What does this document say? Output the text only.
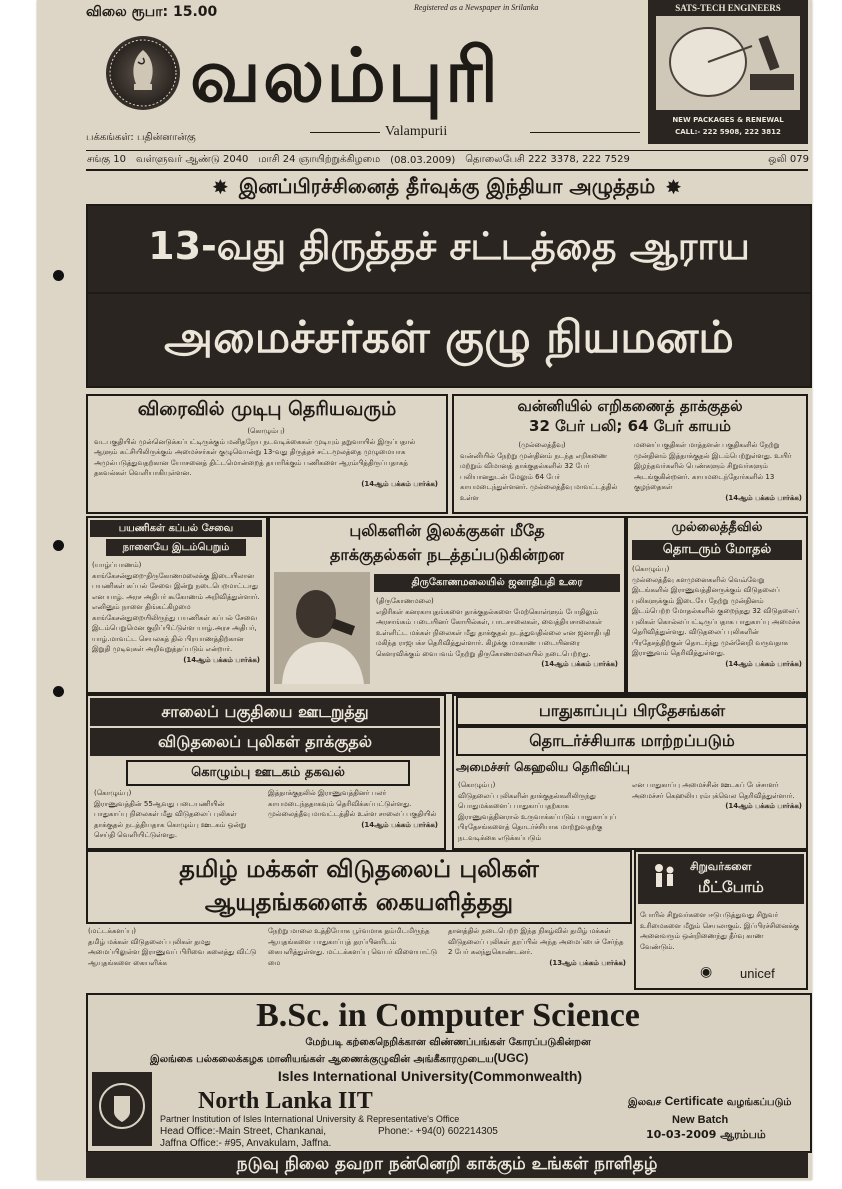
விலை ரூபா: 15.00	Registered as a Newspaper in Srilanka
வலம்புரி
Valampurii
பக்கங்கள்: பதின்னான்கு
SATS-TECH ENGINEERS
NEW PACKAGES & RENEWAL
CALL:- 222 5908, 222 3812
சங்கு 10 வள்ளுவர் ஆண்டு 2040 மாசி 24 ஞாயிற்றுக்கிழமை (08.03.2009) தொலைபேசி 222 3378, 222 7529	ஒலி 079
✸ இனப்பிரச்சினைத் தீர்வுக்கு இந்தியா அழுத்தம் ✸
13-வது திருத்தச் சட்டத்தை ஆராய
அமைச்சர்கள் குழு நியமனம்
விரைவில் முடிபு தெரியவரும்

(கொழும்பு)

வடபகுதியில் முன்னெடுக்கப்பட்டிருக்கும் மனிதநேய நடவடிக்கைகள் முடியும் தறுவாயில் இருப்பதால் ஆளும் கட்சியிலிருக்கும் அமைச்சர்கள் குழுவொன்று 13-வது திருத்தச் சட்டமூலத்தை முழுமையாக அமுல்படுத்துவதற்கான யோசனைத் திட்டமொன்றைத் தயாரிக்கும் பணிகளை ஆரம்பித்திருப்பதாகத் தகவல்கள் வெளியாகியுள்ளன.

(14ஆம் பக்கம் பார்க்க)

வன்னியில் எறிகணைத் தாக்குதல்
32 பேர் பலி; 64 பேர் காயம்

(முல்லைத்தீவு)

வன்னியில் நேற்று முன்தினம் நடந்த எறிகணை மற்றும் விமானத் தாக்குதல்களில் 32 பேர் பலியானதுடன் மேலும் 64 பேர் காயமடைந்துள்ளனர். முல்லைத்தீவு மாவட்டத்தில் உள்ள

மனைப்பகுதிகள் மாத்தளன் பகுதிகளில் நேற்று முன்தினம் இத்தாக்குதல் இடம்பெற்றுள்ளது. உயிர் இழந்தவர்களில் பெண்களும் சிறுவர்களும் அடங்குகின்றனர். காயமடைந்தோர்களில் 13 குழந்தைகள்

(14ஆம் பக்கம் பார்க்க)

பயணிகள் கப்பல் சேவை
நாளையே இடம்பெறும்

(யாழ்ப்பாணம்)

காங்கேசன்துறை-திருகோணமலைக்கு இடையிலான பயணிகள் கப்பல் சேவை இன்று நடைபெறமாட்டாது என யாழ். அரச அதிபர் கூகோணம் அறிவித்துள்ளார். எனினும் நாளை திங்கட்கிழமை காங்கேசன்துறையிலிருந்து பயணிகள் கப்பல் சேவை இடம்பெறுமென குறிப்பிட்டுள்ள யாழ்.அரச அதிபர், யாழ்.மாவட்ட செயலகத் தில் பிரயாணத்திற்கான இறுதி முடிவுகள் அறிவுறுத்தப்படும் என்றார்.

(14ஆம் பக்கம் பார்க்க)

புலிகளின் இலக்குகள் மீதே
தாக்குதல்கள் நடத்தப்படுகின்றன
திருகோணமலையில் ஜனாதிபதி உரை

(திருகோணமலை)

எதிரிகள் கனரகாயுதங்களை தாக்குதல்களை மேற்கொள்ளும் போதிலும் அரசாங்கம் படையினர் கோயில்கள், பாடசாலைகள், வைத்தியசாலைகள் உள்ளிட்ட மக்கள் நிலைகள் மீது தாக்குதல் நடத்துவதில்லை என ஜனாதிபதி மகிந்த ராஜபக்ச தெரிவித்துள்ளார். கிழக்கு மாகாண படையினரை கௌரவிக்கும் வைபவம் நேற்று திருகோணமலையில் நடைபெற்றது.

(14ஆம் பக்கம் பார்க்க)

முல்லைத்தீவில்
தொடரும் மோதல்

(கொழும்பு)

முல்லைத்தீவு களமுனைகளில் வெவ்வேறு இடங்களில் இராணுவத்தினருக்கும் விடுதலைப் புலிகளுக்கும் இடையே நேற்று முன்தினம் இடம்பெற்ற மோதல்களில் குறைந்தது 32 விடுதலைப் புலிகள் கொல்லப்பட்டிருப்பதாக பாதுகாப்பு அமைச்சு தெரிவித்துள்ளது. விடுதலைப் புலிகளின் பிரதேசத்திற்குள் தொடர்ந்து முன்னேறி வருவதாக இராணுவம் தெரிவித்துள்ளது.

(14ஆம் பக்கம் பார்க்க)

சாலைப் பகுதியை ஊடறுத்து
விடுதலைப் புலிகள் தாக்குதல்
கொழும்பு ஊடகம் தகவல்

(கொழும்பு)

இராணுவத்தின் 55ஆவது படையணியின் பாதுகாப்பு நிலைகள் மீது விடுதலைப் புலிகள் தாக்குதல் நடத்தியதாக கொழும்பு ஊடகம் ஒன்று செய்தி வெளியிட்டுள்ளது.

இத்தாக்குதலில் இராணுவத்தினர் பலர் காயமடைந்ததாகவும் தெரிவிக்கப்பட்டுள்ளது. முல்லைத்தீவு மாவட்டத்தில் உள்ள சாலைப் பகுதியில்

(14ஆம் பக்கம் பார்க்க)

பாதுகாப்புப் பிரதேசங்கள்
தொடர்ச்சியாக மாற்றப்படும்
அமைச்சர் கெஹலிய தெரிவிப்பு

(கொழும்பு)

விடுதலைப் புலிகளின் தாக்குதல்களிலிருந்து பொதுமக்களைப் பாதுகாப்பதற்காக இராணுவத்தினரால் உருவாக்கப்படும் பாதுகாப்புப் பிரதேசங்களைத் தொடர்ச்சியாக மாற்றுவதற்கு நடவடிக்கை எடுக்கப்படும்

என பாதுகாப்பு அமைச்சின் ஊடகப் பேச்சாளர் அமைச்சர் கெஹலிய ரம்புக்வெல தெரிவித்துள்ளார்.

(14ஆம் பக்கம் பார்க்க)

தமிழ் மக்கள் விடுதலைப் புலிகள்
ஆயுதங்களைக் கையளித்தது

(மட்டக்களப்பு)

தமிழ் மக்கள் விடுதலைப் புலிகள் தமது அமைப்பிலுள்ள இராணுவப் பிரிவை கலைத்து விட்டு ஆயுதங்களை கையளிக்க

நேற்று மாலை உத்தியோக பூர்வமாக தம்மிடமிருந்த ஆயுதங்களை பாதுகாப்புத் தரப்பினரிடம் கையளித்துள்ளது. மட்டக்களப்பு வெபர் விளையாட்டு மை

தானத்தில் நடைபெற்ற இந்த நிகழ்வில் தமிழ் மக்கள் விடுதலைப் புலிகள் தரப்பில் அந்த அமைப்பைச் சேர்ந்த 2 பேர் கலந்துகொண்டனர்.

(13ஆம் பக்கம் பார்க்க)

சிறுவர்களை
மீட்போம்

போரில் சிறுவர்களை ஈடுபடுத்துவது சிறுவர் உரிமைகளை மீறும் செயலாகும். இப்பிரச்சினைக்கு அனைவரும் ஒன்றிணைந்து தீர்வு காண வேண்டும்.

◉ unicef
B.Sc. in Computer Science
மேற்படி கற்கைநெறிக்கான விண்ணப்பங்கள் கோரப்படுகின்றன
இலங்கை பல்கலைக்கழக மானியங்கள் ஆணைக்குழுவின் அங்கீகாரமுடைய(UGC)
Isles International University(Commonwealth)
North Lanka IIT
Partner Institution of Isles International University & Representative's Office
Head Office:-Main Street, Chankanai,	Phone:- +94(0) 602214305
Jaffna Office:- #95, Anvakulam, Jaffna.
இலவச Certificate வழங்கப்படும்
New Batch
10-03-2009 ஆரம்பம்
நடுவு நிலை தவறா நன்னெறி காக்கும் உங்கள் நாளிதழ்
